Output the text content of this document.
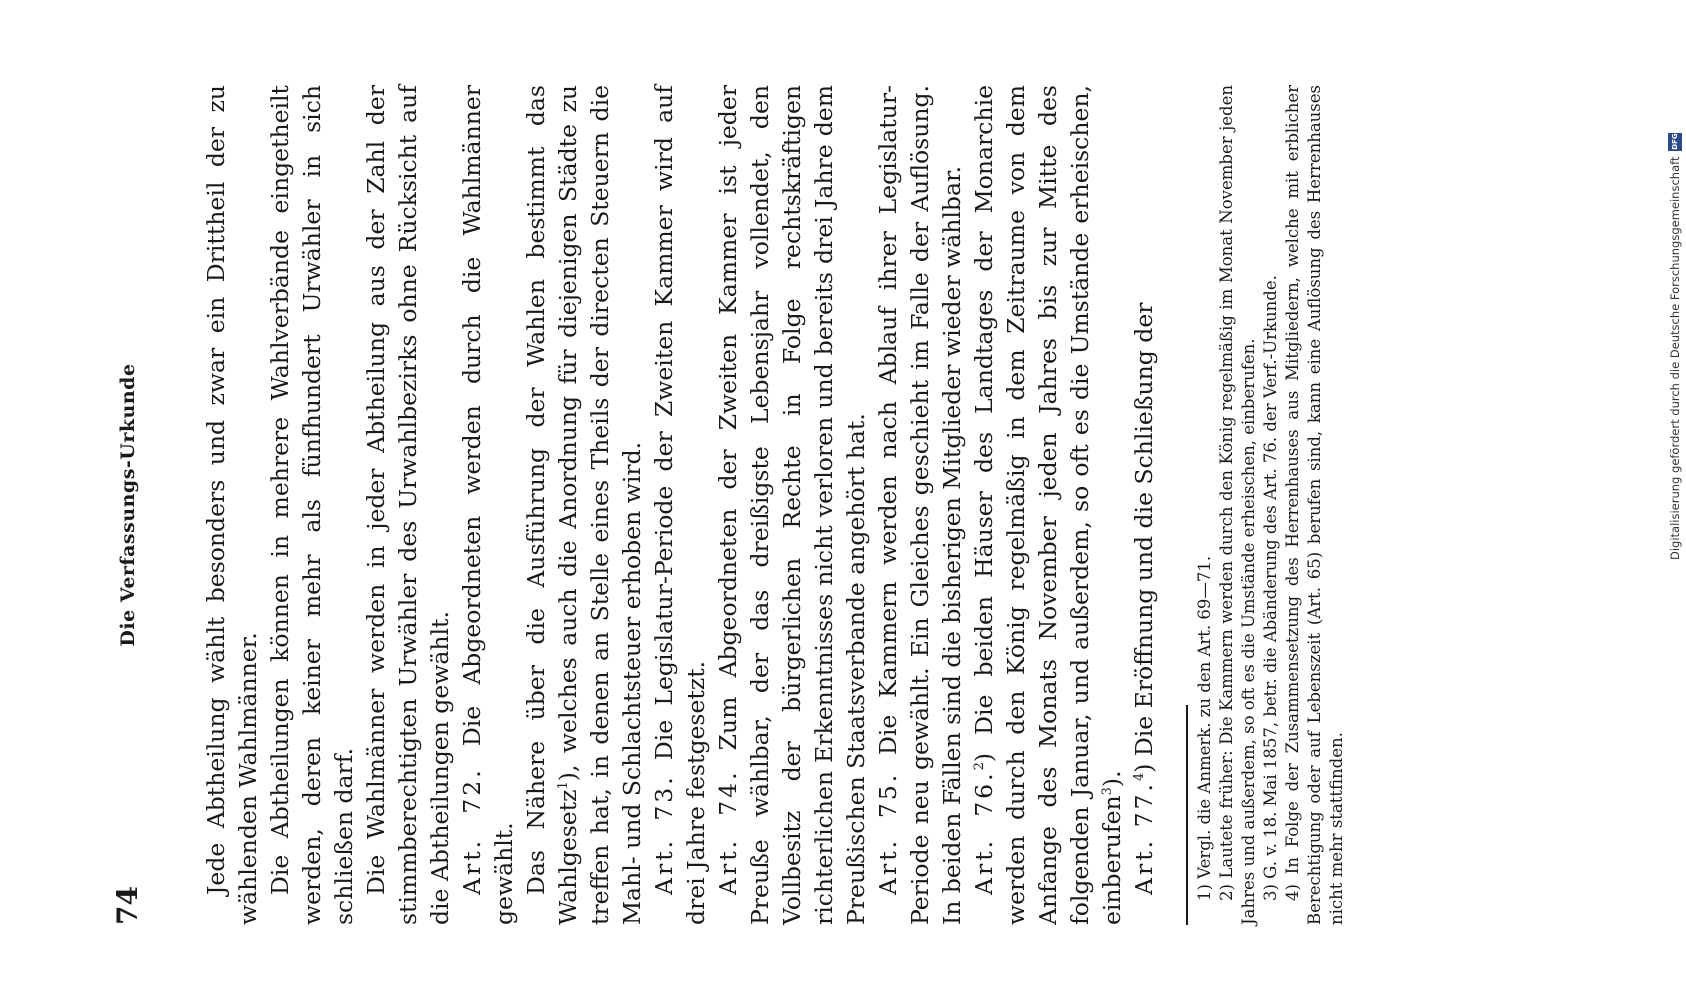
74
Die Verfassungs-Urkunde	Jede Abtheilung wählt besonders und zwar ein Drittheil der zu wählenden Wahlmänner. Die Abtheilungen können in mehrere Wahlverbände eingetheilt werden, deren keiner mehr als fünfhundert Urwähler in sich schließen darf. Die Wahlmänner werden in jeder Abtheilung aus der Zahl der stimmberechtigten Urwähler des Urwahlbezirks ohne Rücksicht auf die Abtheilungen gewählt. Art. 72. Die Abgeordneten werden durch die Wahlmänner gewählt. Das Nähere über die Ausführung der Wahlen bestimmt das Wahlgesetz$^1$), welches auch die Anordnung für diejenigen Städte zu treffen hat, in denen an Stelle eines Theils der directen Steuern die Mahl- und Schlachtsteuer erhoben wird. Art. 73. Die Legislatur-Periode der Zweiten Kammer wird auf drei Jahre festgesetzt. Art. 74. Zum Abgeordneten der Zweiten Kammer ist jeder Preuße wählbar, der das dreißigste Lebensjahr vollendet, den Vollbesitz der bürgerlichen Rechte in Folge rechtskräftigen richterlichen Erkenntnisses nicht verloren und bereits drei Jahre dem Preußischen Staatsverbande angehört hat. Art. 75. Die Kammern werden nach Ablauf ihrer Legislatur-Periode neu gewählt. Ein Gleiches geschieht im Falle der Auflösung. In beiden Fällen sind die bisherigen Mitglieder wieder wählbar. Art. 76.$^2$) Die beiden Häuser des Landtages der Monarchie werden durch den König regelmäßig in dem Zeitraume von dem Anfange des Monats November jeden Jahres bis zur Mitte des folgenden Januar, und außerdem, so oft es die Umstände erheischen, einberufen$^3$).

Art. 77.$^4$) Die Eröffnung und die Schließung der 1) Vergl. die Anmerk. zu den Art. 69—71. 2) Lautete früher: Die Kammern werden durch den König regelmäßig im Monat November jeden Jahres und außerdem, so oft es die Umstände erheischen, einberufen. 3) G. v. 18. Mai 1857, betr. die Abänderung des Art. 76. der Verf.-Urkunde. 4) In Folge der Zusammensetzung des Herrenhauses aus Mitgliedern, welche mit erblicher Berechtigung oder auf Lebenszeit (Art. 65) berufen sind, kann eine Auflösung des Herrenhauses nicht mehr stattfinden.

Digitalisierung gefördert durch die Deutsche Forschungsgemeinschaft
DFG
